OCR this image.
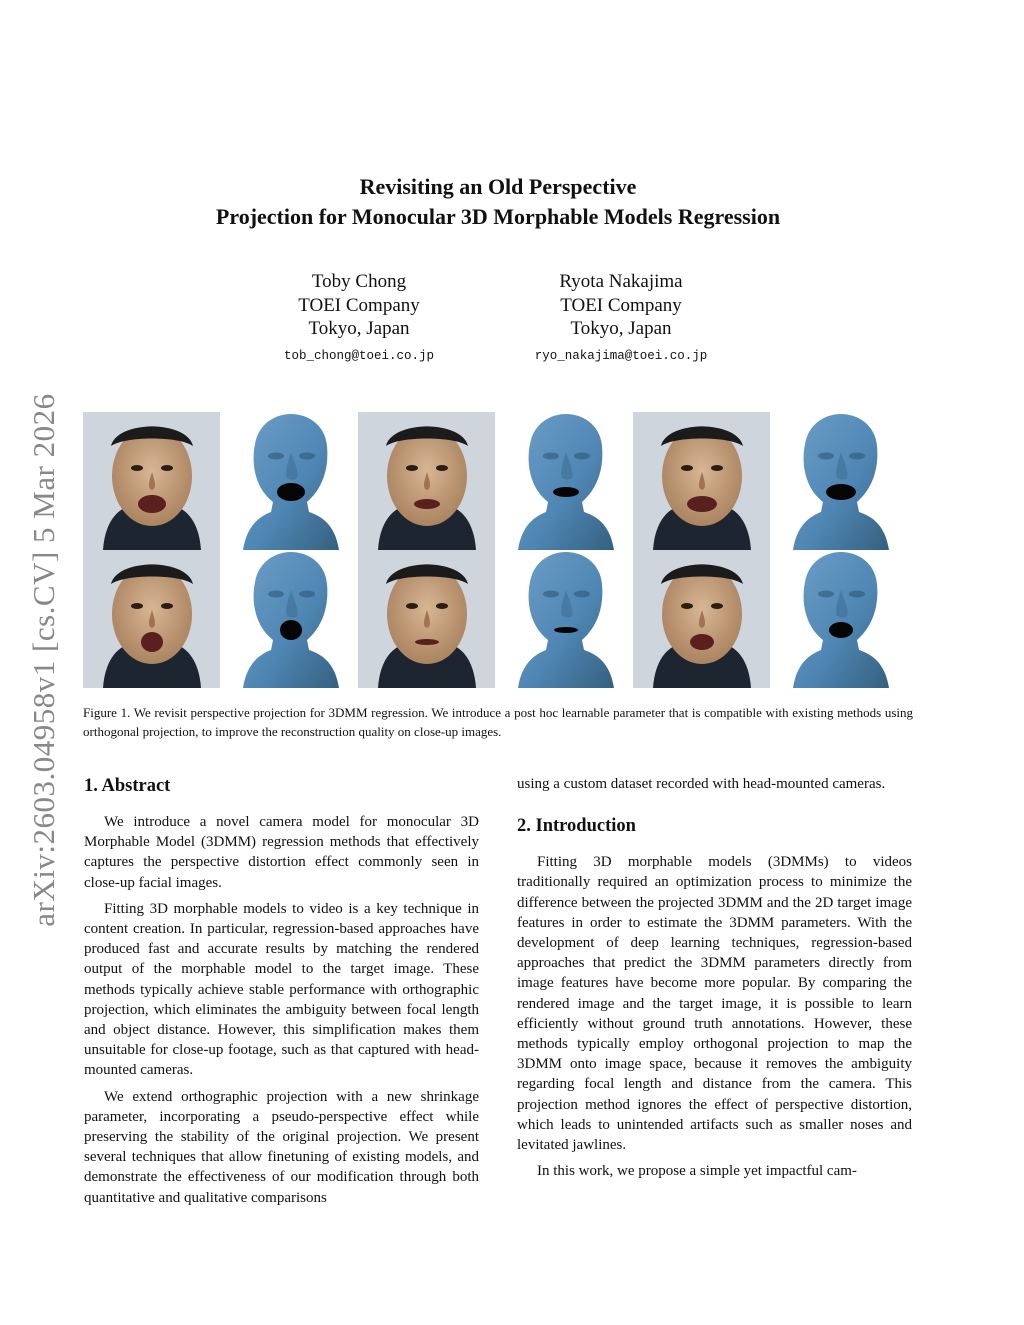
arXiv:2603.04958v1 [cs.CV] 5 Mar 2026
Revisiting an Old Perspective
Projection for Monocular 3D Morphable Models Regression
Toby Chong
TOEI Company
Tokyo, Japan
tob_chong@toei.co.jp
Ryota Nakajima
TOEI Company
Tokyo, Japan
ryo_nakajima@toei.co.jp
Figure 1. We revisit perspective projection for 3DMM regression. We introduce a post hoc learnable parameter that is compatible with existing methods using orthogonal projection, to improve the reconstruction quality on close-up images.
1. Abstract

We introduce a novel camera model for monocular 3D Morphable Model (3DMM) regression methods that effectively captures the perspective distortion effect commonly seen in close-up facial images.

Fitting 3D morphable models to video is a key technique in content creation. In particular, regression-based approaches have produced fast and accurate results by matching the rendered output of the morphable model to the target image. These methods typically achieve stable performance with orthographic projection, which eliminates the ambiguity between focal length and object distance. However, this simplification makes them unsuitable for close-up footage, such as that captured with head-mounted cameras.

We extend orthographic projection with a new shrinkage parameter, incorporating a pseudo-perspective effect while preserving the stability of the original projection. We present several techniques that allow finetuning of existing models, and demonstrate the effectiveness of our modification through both quantitative and qualitative comparisons

using a custom dataset recorded with head-mounted cameras.

2. Introduction

Fitting 3D morphable models (3DMMs) to videos traditionally required an optimization process to minimize the difference between the projected 3DMM and the 2D target image features in order to estimate the 3DMM parameters. With the development of deep learning techniques, regression-based approaches that predict the 3DMM parameters directly from image features have become more popular. By comparing the rendered image and the target image, it is possible to learn efficiently without ground truth annotations. However, these methods typically employ orthogonal projection to map the 3DMM onto image space, because it removes the ambiguity regarding focal length and distance from the camera. This projection method ignores the effect of perspective distortion, which leads to unintended artifacts such as smaller noses and levitated jawlines.

In this work, we propose a simple yet impactful cam-
